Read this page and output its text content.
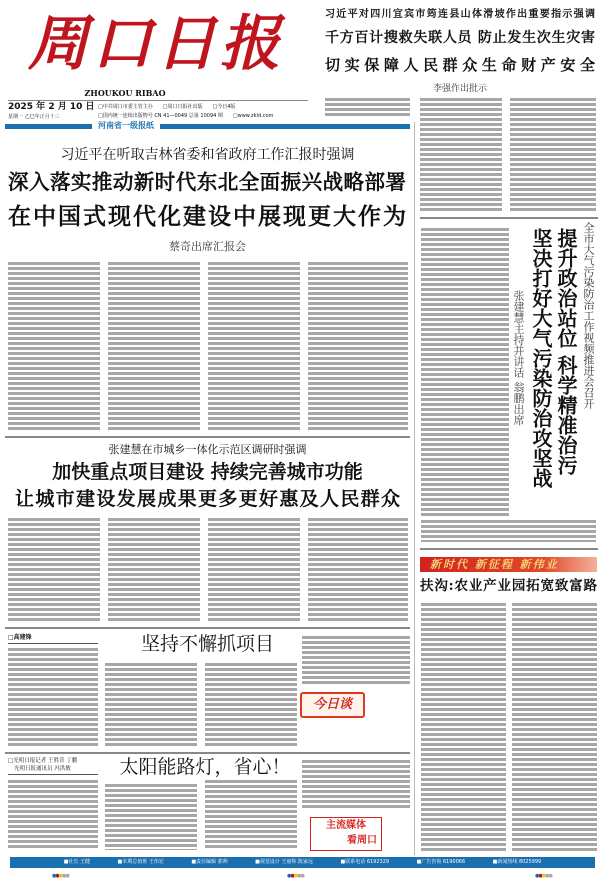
周口日报
ZHOUKOU RIBAO
2025 年 2 月 10 日
星期一 乙巳年正月十三
□中共周口市委主管主办 □周口日报社出版 □今日4版
□国内统一连续出版物号 CN 41—0049 总第 10094 期 □www.zkld.com
习近平对四川宜宾市筠连县山体滑坡作出重要指示强调
千方百计搜救失联人员 防止发生次生灾害
切实保障人民群众生命财产安全
李强作出批示
河南省一级报纸
习近平在听取吉林省委和省政府工作汇报时强调
深入落实推动新时代东北全面振兴战略部署
在中国式现代化建设中展现更大作为
蔡奇出席汇报会
张建慧在市城乡一体化示范区调研时强调
加快重点项目建设 持续完善城市功能
让城市建设发展成果更多更好惠及人民群众
全市大气污染防治工作视频推进会召开
提升政治站位 科学精准治污
坚决打好大气污染防治攻坚战
张建慧主持并讲话 翁鹏出席
新时代 新征程 新伟业
扶沟:农业产业园拓宽致富路
□高建锋	坚持不懈抓项目
今日谈
□光明日报记者 王胜昔 丁鹏
光明日报通讯员 冯洪敏	太阳能路灯，省心！
主流媒体
看周口
■社长 王健	■本期总值班 王伟宏	■责任编辑 郭帅	■视觉设计 王丽辉 陈家远	■联系电话 6192329	■广告咨询 6190066	■新闻热线 8025999
●●●●●	●●●●●	●●●●●
